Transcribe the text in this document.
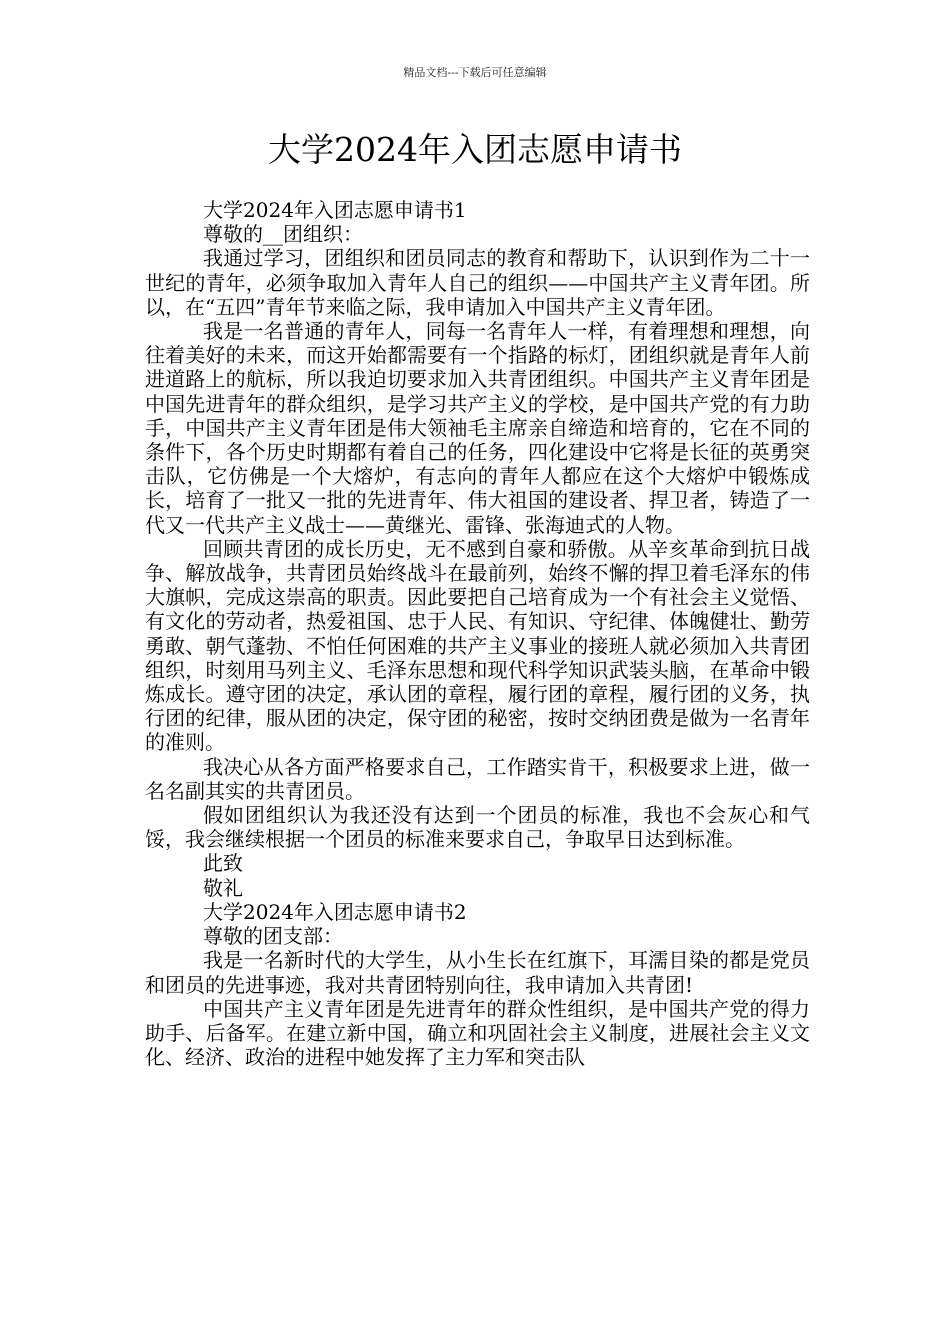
精品文档---下载后可任意编辑
大学2024年入团志愿申请书

大学2024年入团志愿申请书1

尊敬的__团组织：

我通过学习，团组织和团员同志的教育和帮助下，认识到作为二十一世纪的青年，必须争取加入青年人自己的组织——中国共产主义青年团。所以，在“五四”青年节来临之际，我申请加入中国共产主义青年团。

我是一名普通的青年人，同每一名青年人一样，有着理想和理想，向往着美好的未来，而这开始都需要有一个指路的标灯，团组织就是青年人前进道路上的航标，所以我迫切要求加入共青团组织。中国共产主义青年团是中国先进青年的群众组织，是学习共产主义的学校，是中国共产党的有力助手，中国共产主义青年团是伟大领袖毛主席亲自缔造和培育的，它在不同的条件下，各个历史时期都有着自己的任务，四化建设中它将是长征的英勇突击队，它仿佛是一个大熔炉，有志向的青年人都应在这个大熔炉中锻炼成长，培育了一批又一批的先进青年、伟大祖国的建设者、捍卫者，铸造了一代又一代共产主义战士——黄继光、雷锋、张海迪式的人物。

回顾共青团的成长历史，无不感到自豪和骄傲。从辛亥革命到抗日战争、解放战争，共青团员始终战斗在最前列，始终不懈的捍卫着毛泽东的伟大旗帜，完成这崇高的职责。因此要把自己培育成为一个有社会主义觉悟、有文化的劳动者，热爱祖国、忠于人民、有知识、守纪律、体魄健壮、勤劳勇敢、朝气蓬勃、不怕任何困难的共产主义事业的接班人就必须加入共青团组织，时刻用马列主义、毛泽东思想和现代科学知识武装头脑，在革命中锻炼成长。遵守团的决定，承认团的章程，履行团的章程，履行团的义务，执行团的纪律，服从团的决定，保守团的秘密，按时交纳团费是做为一名青年的准则。

我决心从各方面严格要求自己，工作踏实肯干，积极要求上进，做一名名副其实的共青团员。

假如团组织认为我还没有达到一个团员的标准，我也不会灰心和气馁，我会继续根据一个团员的标准来要求自己，争取早日达到标准。

此致

敬礼

大学2024年入团志愿申请书2

尊敬的团支部：

我是一名新时代的大学生，从小生长在红旗下，耳濡目染的都是党员和团员的先进事迹，我对共青团特别向往，我申请加入共青团!

中国共产主义青年团是先进青年的群众性组织，是中国共产党的得力助手、后备军。在建立新中国，确立和巩固社会主义制度，进展社会主义文化、经济、政治的进程中她发挥了主力军和突击队
